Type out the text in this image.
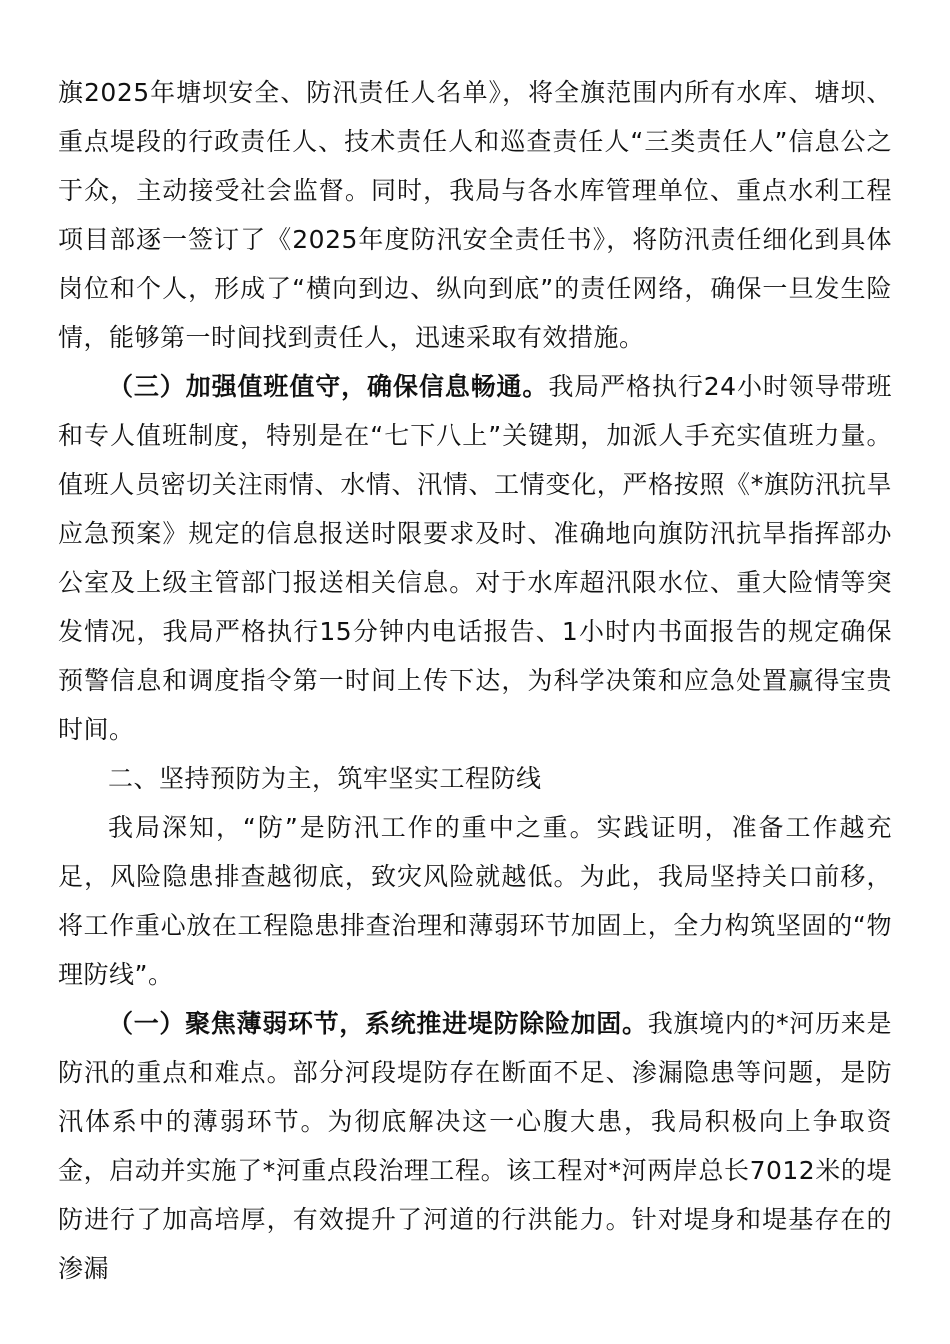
旗2025年塘坝安全、防汛责任人名单》，将全旗范围内所有水库、塘坝、重点堤段的行政责任人、技术责任人和巡查责任人“三类责任人”信息公之于众，主动接受社会监督。同时，我局与各水库管理单位、重点水利工程项目部逐一签订了《2025年度防汛安全责任书》，将防汛责任细化到具体岗位和个人，形成了“横向到边、纵向到底”的责任网络，确保一旦发生险情，能够第一时间找到责任人，迅速采取有效措施。

（三）加强值班值守，确保信息畅通。我局严格执行24小时领导带班和专人值班制度，特别是在“七下八上”关键期，加派人手充实值班力量。值班人员密切关注雨情、水情、汛情、工情变化，严格按照《*旗防汛抗旱应急预案》规定的信息报送时限要求及时、准确地向旗防汛抗旱指挥部办公室及上级主管部门报送相关信息。对于水库超汛限水位、重大险情等突发情况，我局严格执行15分钟内电话报告、1小时内书面报告的规定确保预警信息和调度指令第一时间上传下达，为科学决策和应急处置赢得宝贵时间。

二、坚持预防为主，筑牢坚实工程防线

我局深知，“防”是防汛工作的重中之重。实践证明，准备工作越充足，风险隐患排查越彻底，致灾风险就越低。为此，我局坚持关口前移，将工作重心放在工程隐患排查治理和薄弱环节加固上，全力构筑坚固的“物理防线”。

（一）聚焦薄弱环节，系统推进堤防除险加固。我旗境内的*河历来是防汛的重点和难点。部分河段堤防存在断面不足、渗漏隐患等问题，是防汛体系中的薄弱环节。为彻底解决这一心腹大患，我局积极向上争取资金，启动并实施了*河重点段治理工程。该工程对*河两岸总长7012米的堤防进行了加高培厚，有效提升了河道的行洪能力。针对堤身和堤基存在的渗漏
